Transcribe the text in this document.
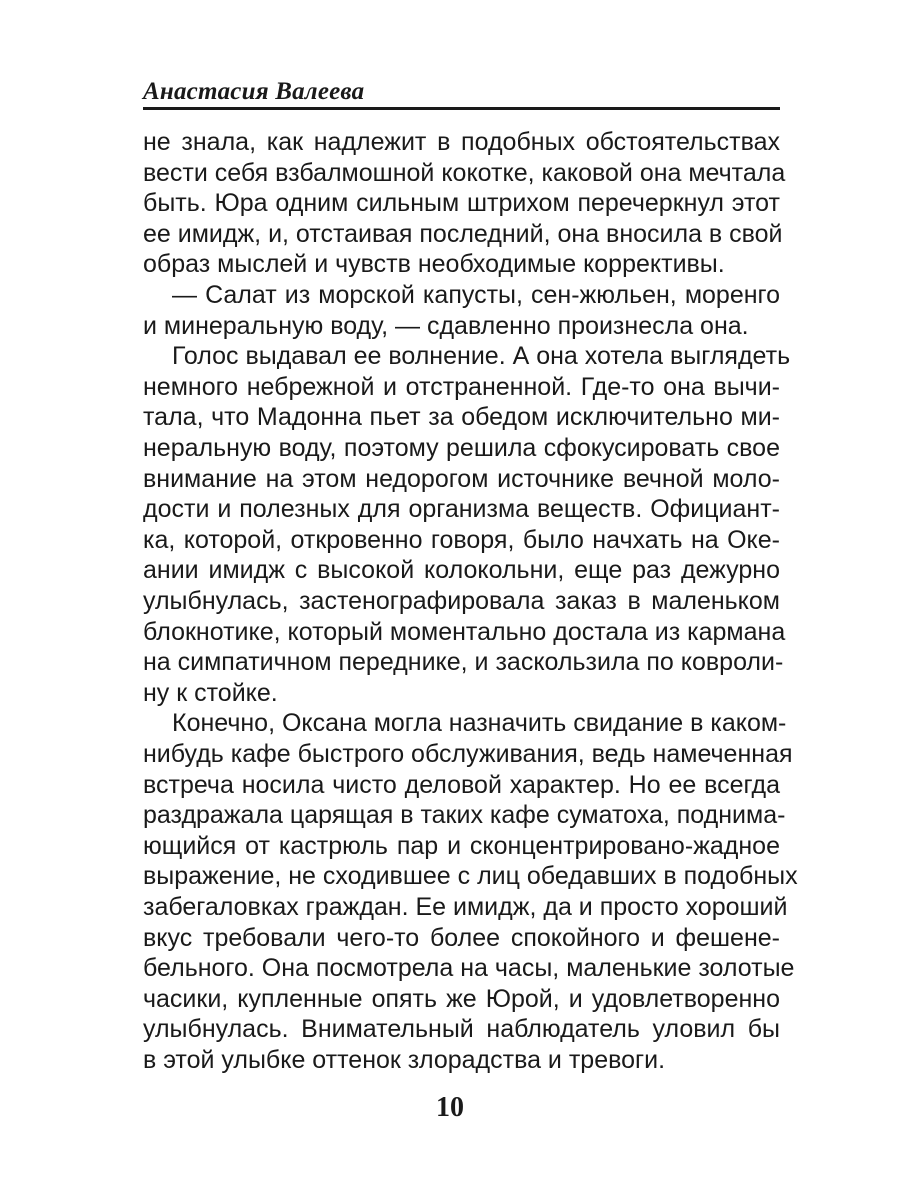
Анастасия Валеева
не знала, как надлежит в подобных обстоятельствах
вести себя взбалмошной кокотке, каковой она мечтала
быть. Юра одним сильным штрихом перечеркнул этот
ее имидж, и, отстаивая последний, она вносила в свой
образ мыслей и чувств необходимые коррективы.
— Салат из морской капусты, сен-жюльен, моренго
и минеральную воду, — сдавленно произнесла она.
Голос выдавал ее волнение. А она хотела выглядеть
немного небрежной и отстраненной. Где-то она вычи-
тала, что Мадонна пьет за обедом исключительно ми-
неральную воду, поэтому решила сфокусировать свое
внимание на этом недорогом источнике вечной моло-
дости и полезных для организма веществ. Официант-
ка, которой, откровенно говоря, было начхать на Оке-
ании имидж с высокой колокольни, еще раз дежурно
улыбнулась, застенографировала заказ в маленьком
блокнотике, который моментально достала из кармана
на симпатичном переднике, и заскользила по ковроли-
ну к стойке.
Конечно, Оксана могла назначить свидание в каком-
нибудь кафе быстрого обслуживания, ведь намеченная
встреча носила чисто деловой характер. Но ее всегда
раздражала царящая в таких кафе суматоха, поднима-
ющийся от кастрюль пар и сконцентрировано-жадное
выражение, не сходившее с лиц обедавших в подобных
забегаловках граждан. Ее имидж, да и просто хороший
вкус требовали чего-то более спокойного и фешене-
бельного. Она посмотрела на часы, маленькие золотые
часики, купленные опять же Юрой, и удовлетворенно
улыбнулась. Внимательный наблюдатель уловил бы
в этой улыбке оттенок злорадства и тревоги.
10
